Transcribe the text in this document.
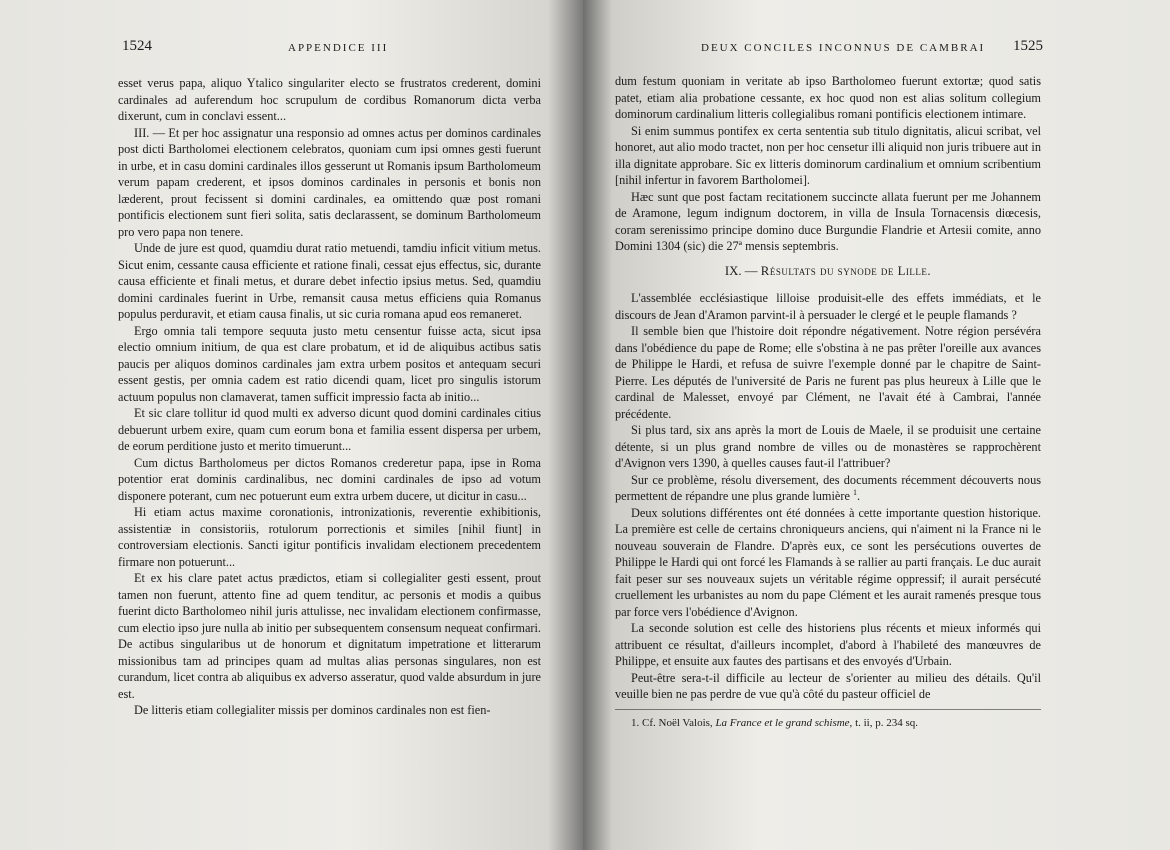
1524	APPENDICE III

esset verus papa, aliquo Ytalico singulariter electo se frustratos crederent, domini cardinales ad auferendum hoc scrupulum de cordibus Romanorum dicta verba dixerunt, cum in conclavi essent...

III. — Et per hoc assignatur una responsio ad omnes actus per dominos cardinales post dicti Bartholomei electionem celebratos, quoniam cum ipsi omnes gesti fuerunt in urbe, et in casu domini cardinales illos gesserunt ut Romanis ipsum Bartholomeum verum papam crederent, et ipsos dominos cardinales in personis et bonis non læderent, prout fecissent si domini cardinales, ea omittendo quæ post romani pontificis electionem sunt fieri solita, satis declarassent, se dominum Bartholomeum pro vero papa non tenere.

Unde de jure est quod, quamdiu durat ratio metuendi, tamdiu inficit vitium metus. Sicut enim, cessante causa efficiente et ratione finali, cessat ejus effectus, sic, durante causa efficiente et finali metus, et durare debet infectio ipsius metus. Sed, quamdiu domini cardinales fuerint in Urbe, remansit causa metus efficiens quia Romanus populus perduravit, et etiam causa finalis, ut sic curia romana apud eos remaneret.

Ergo omnia tali tempore sequuta justo metu censentur fuisse acta, sicut ipsa electio omnium initium, de qua est clare probatum, et id de aliquibus actibus satis paucis per aliquos dominos cardinales jam extra urbem positos et antequam securi essent gestis, per omnia cadem est ratio dicendi quam, licet pro singulis istorum actuum populus non clamaverat, tamen sufficit impressio facta ab initio...

Et sic clare tollitur id quod multi ex adverso dicunt quod domini cardinales citius debuerunt urbem exire, quam cum eorum bona et familia essent dispersa per urbem, de eorum perditione justo et merito timuerunt...

Cum dictus Bartholomeus per dictos Romanos crederetur papa, ipse in Roma potentior erat dominis cardinalibus, nec domini cardinales de ipso ad votum disponere poterant, cum nec potuerunt eum extra urbem ducere, ut dicitur in casu...

Hi etiam actus maxime coronationis, intronizationis, reverentie exhibitionis, assistentiæ in consistoriis, rotulorum porrectionis et similes [nihil fiunt] in controversiam electionis. Sancti igitur pontificis invalidam electionem precedentem firmare non potuerunt...

Et ex his clare patet actus prædictos, etiam si collegialiter gesti essent, prout tamen non fuerunt, attento fine ad quem tenditur, ac personis et modis a quibus fuerint dicto Bartholomeo nihil juris attulisse, nec invalidam electionem confirmasse, cum electio ipso jure nulla ab initio per subsequentem consensum nequeat confirmari. De actibus singularibus ut de honorum et dignitatum impetratione et litterarum missionibus tam ad principes quam ad multas alias personas singulares, non est curandum, licet contra ab aliquibus ex adverso asseratur, quod valde absurdum in jure est.

De litteris etiam collegialiter missis per dominos cardinales non est fien-

DEUX CONCILES INCONNUS DE CAMBRAI 1525

dum festum quoniam in veritate ab ipso Bartholomeo fuerunt extortæ; quod satis patet, etiam alia probatione cessante, ex hoc quod non est alias solitum collegium dominorum cardinalium litteris collegialibus romani pontificis electionem intimare.

Si enim summus pontifex ex certa sententia sub titulo dignitatis, alicui scribat, vel honoret, aut alio modo tractet, non per hoc censetur illi aliquid non juris tribuere aut in illa dignitate approbare. Sic ex litteris dominorum cardinalium et omnium scribentium [nihil infertur in favorem Bartholomei].

Hæc sunt que post factam recitationem succincte allata fuerunt per me Johannem de Aramone, legum indignum doctorem, in villa de Insula Tornacensis diœcesis, coram serenissimo principe domino duce Burgundie Flandrie et Artesii comite, anno Domini 1304 (sic) die 27ª mensis septembris.

IX. — Résultats du synode de Lille.

L'assemblée ecclésiastique lilloise produisit-elle des effets immédiats, et le discours de Jean d'Aramon parvint-il à persuader le clergé et le peuple flamands ?

Il semble bien que l'histoire doit répondre négativement. Notre région persévéra dans l'obédience du pape de Rome; elle s'obstina à ne pas prêter l'oreille aux avances de Philippe le Hardi, et refusa de suivre l'exemple donné par le chapitre de Saint-Pierre. Les députés de l'université de Paris ne furent pas plus heureux à Lille que le cardinal de Malesset, envoyé par Clément, ne l'avait été à Cambrai, l'année précédente.

Si plus tard, six ans après la mort de Louis de Maele, il se produisit une certaine détente, si un plus grand nombre de villes ou de monastères se rapprochèrent d'Avignon vers 1390, à quelles causes faut-il l'attribuer?

Sur ce problème, résolu diversement, des documents récemment découverts nous permettent de répandre une plus grande lumière $^1$.

Deux solutions différentes ont été données à cette importante question historique. La première est celle de certains chroniqueurs anciens, qui n'aiment ni la France ni le nouveau souverain de Flandre. D'après eux, ce sont les persécutions ouvertes de Philippe le Hardi qui ont forcé les Flamands à se rallier au parti français. Le duc aurait fait peser sur ses nouveaux sujets un véritable régime oppressif; il aurait persécuté cruellement les urbanistes au nom du pape Clément et les aurait ramenés presque tous par force vers l'obédience d'Avignon.

La seconde solution est celle des historiens plus récents et mieux informés qui attribuent ce résultat, d'ailleurs incomplet, d'abord à l'habileté des manœuvres de Philippe, et ensuite aux fautes des partisans et des envoyés d'Urbain.

Peut-être sera-t-il difficile au lecteur de s'orienter au milieu des détails. Qu'il veuille bien ne pas perdre de vue qu'à côté du pasteur officiel de

1. Cf. Noël Valois, La France et le grand schisme, t. ii, p. 234 sq.
